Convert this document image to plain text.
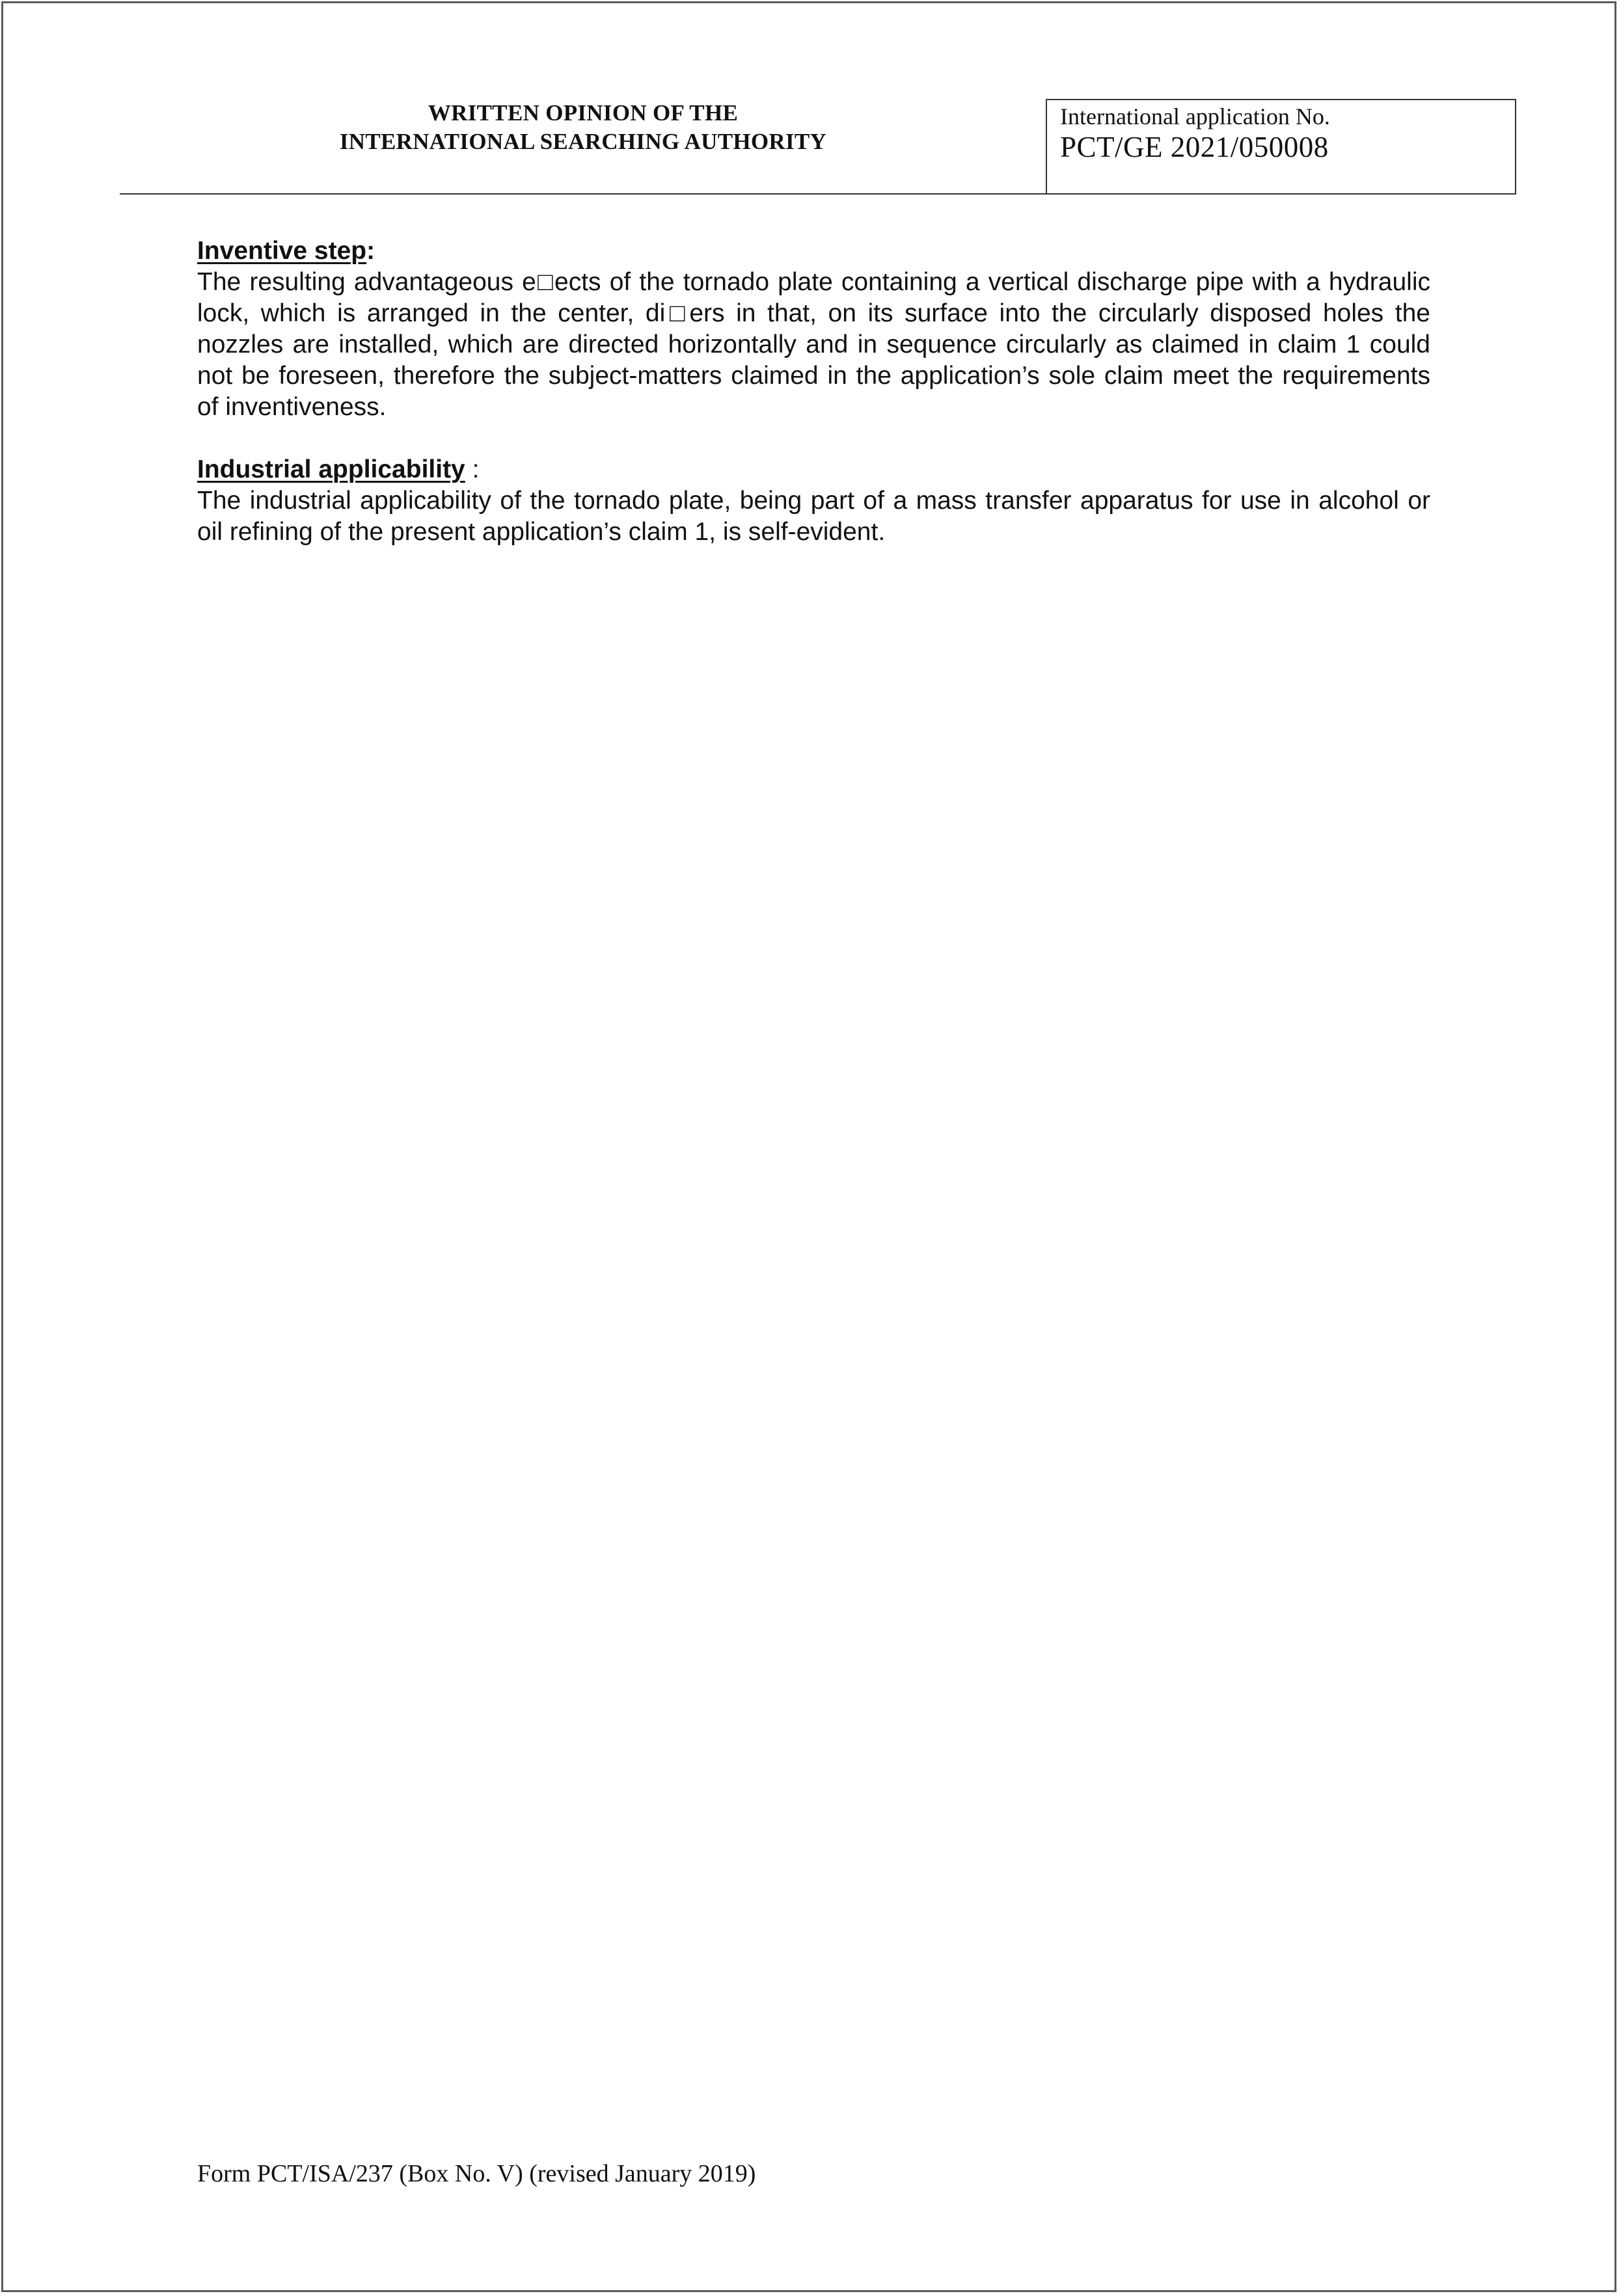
WRITTEN OPINION OF THE
INTERNATIONAL SEARCHING AUTHORITY
International application No.
PCT/GE 2021/050008
Inventive step:

The resulting advantageous e□ects of the tornado plate containing a vertical discharge pipe with a hydraulic lock, which is arranged in the center, di□ers in that, on its surface into the circularly disposed holes the nozzles are installed, which are directed horizontally and in sequence circularly as claimed in claim 1 could not be foreseen, therefore the subject-matters claimed in the application’s sole claim meet the requirements of inventiveness.

Industrial applicability :

The industrial applicability of the tornado plate, being part of a mass transfer apparatus for use in alcohol or oil refining of the present application’s claim 1, is self-evident.

Form PCT/ISA/237 (Box No. V) (revised January 2019)
